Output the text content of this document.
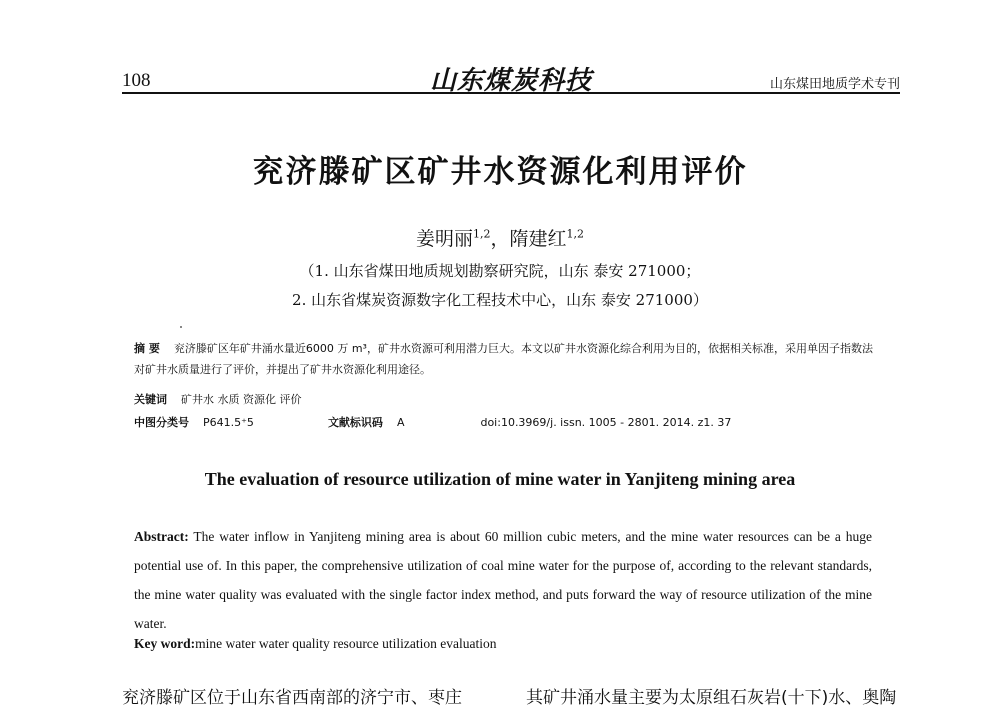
108	山东煤炭科技	山东煤田地质学术专刊
兖济滕矿区矿井水资源化利用评价
姜明丽$^{1,2}$，隋建红$^{1,2}$
（1. 山东省煤田地质规划勘察研究院，山东 泰安 271000；
2. 山东省煤炭资源数字化工程技术中心，山东 泰安 271000）
摘 要 兖济滕矿区年矿井涌水量近6000 万 m³，矿井水资源可利用潜力巨大。本文以矿井水资源化综合利用为目的，依据相关标准，采用单因子指数法对矿井水质量进行了评价，并提出了矿井水资源化利用途径。
关键词 矿井水 水质 资源化 评价
中图分类号 P641.5⁺5	文献标识码 A	doi:10.3969/j. issn. 1005 - 2801. 2014. z1. 37
The evaluation of resource utilization of mine water in Yanjiteng mining area
Abstract: The water inflow in Yanjiteng mining area is about 60 million cubic meters, and the mine water resources can be a huge potential use of. In this paper, the comprehensive utilization of coal mine water for the purpose of, according to the relevant standards, the mine water quality was evaluated with the single factor index method, and puts forward the way of resource utilization of the mine water.
Key word:mine water water quality resource utilization evaluation
兖济滕矿区位于山东省西南部的济宁市、枣庄	其矿井涌水量主要为太原组石灰岩(十下)水、奥陶
